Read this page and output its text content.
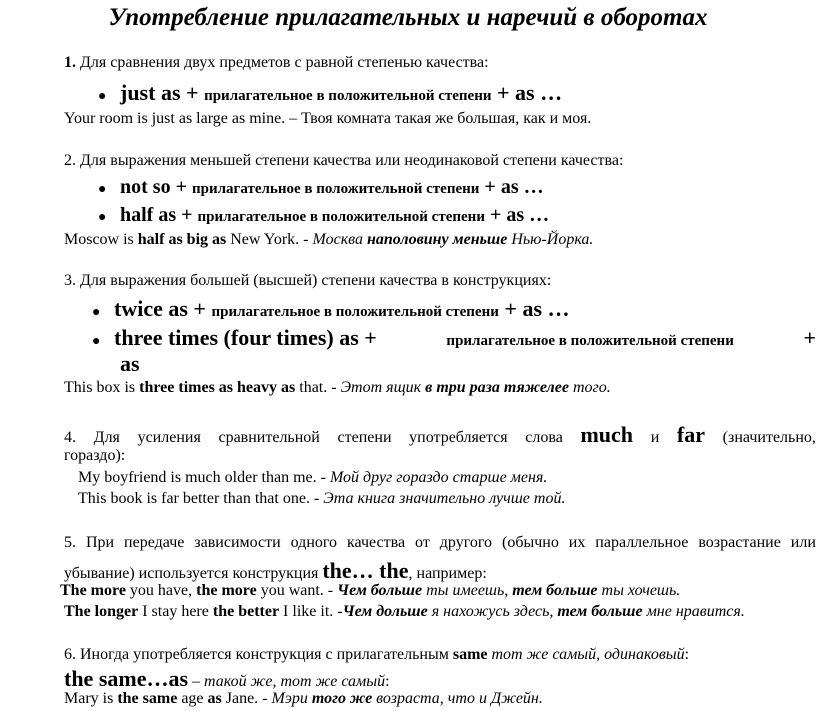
Употребление прилагательных и наречий в оборотах
1. Для сравнения двух предметов с равной степенью качества:
● just as + прилагательное в положительной степени + as …
Your room is just as large as mine. – Твоя комната такая же большая, как и моя.
2. Для выражения меньшей степени качества или неодинаковой степени качества:
● not so + прилагательное в положительной степени + as …
● half as + прилагательное в положительной степени + as …
Moscow is half as big as New York. - Москва наполовину меньше Нью-Йорка.
3. Для выражения большей (высшей) степени качества в конструкциях:
● twice as + прилагательное в положительной степени + as …
● three times (four times) as +	прилагательное в положительной степени	+
as
This box is three times as heavy as that. - Этот ящик в три раза тяжелее того.
4. Для усиления сравнительной степени употребляется слова much и far (значительно,
гораздо):
My boyfriend is much older than me. - Мой друг гораздо старше меня.
This book is far better than that one. - Эта книга значительно лучше той.
5. При передаче зависимости одного качества от другого (обычно их параллельное возрастание или
убывание) используется конструкция the… the, например:
The more you have, the more you want. - Чем больше ты имеешь, тем больше ты хочешь.
The longer I stay here the better I like it. -Чем дольше я нахожусь здесь, тем больше мне нравится.
6. Иногда употребляется конструкция с прилагательным same тот же самый, одинаковый:
the same…as – такой же, тот же самый:
Mary is the same age as Jane. - Мэри того же возраста, что и Джейн.
